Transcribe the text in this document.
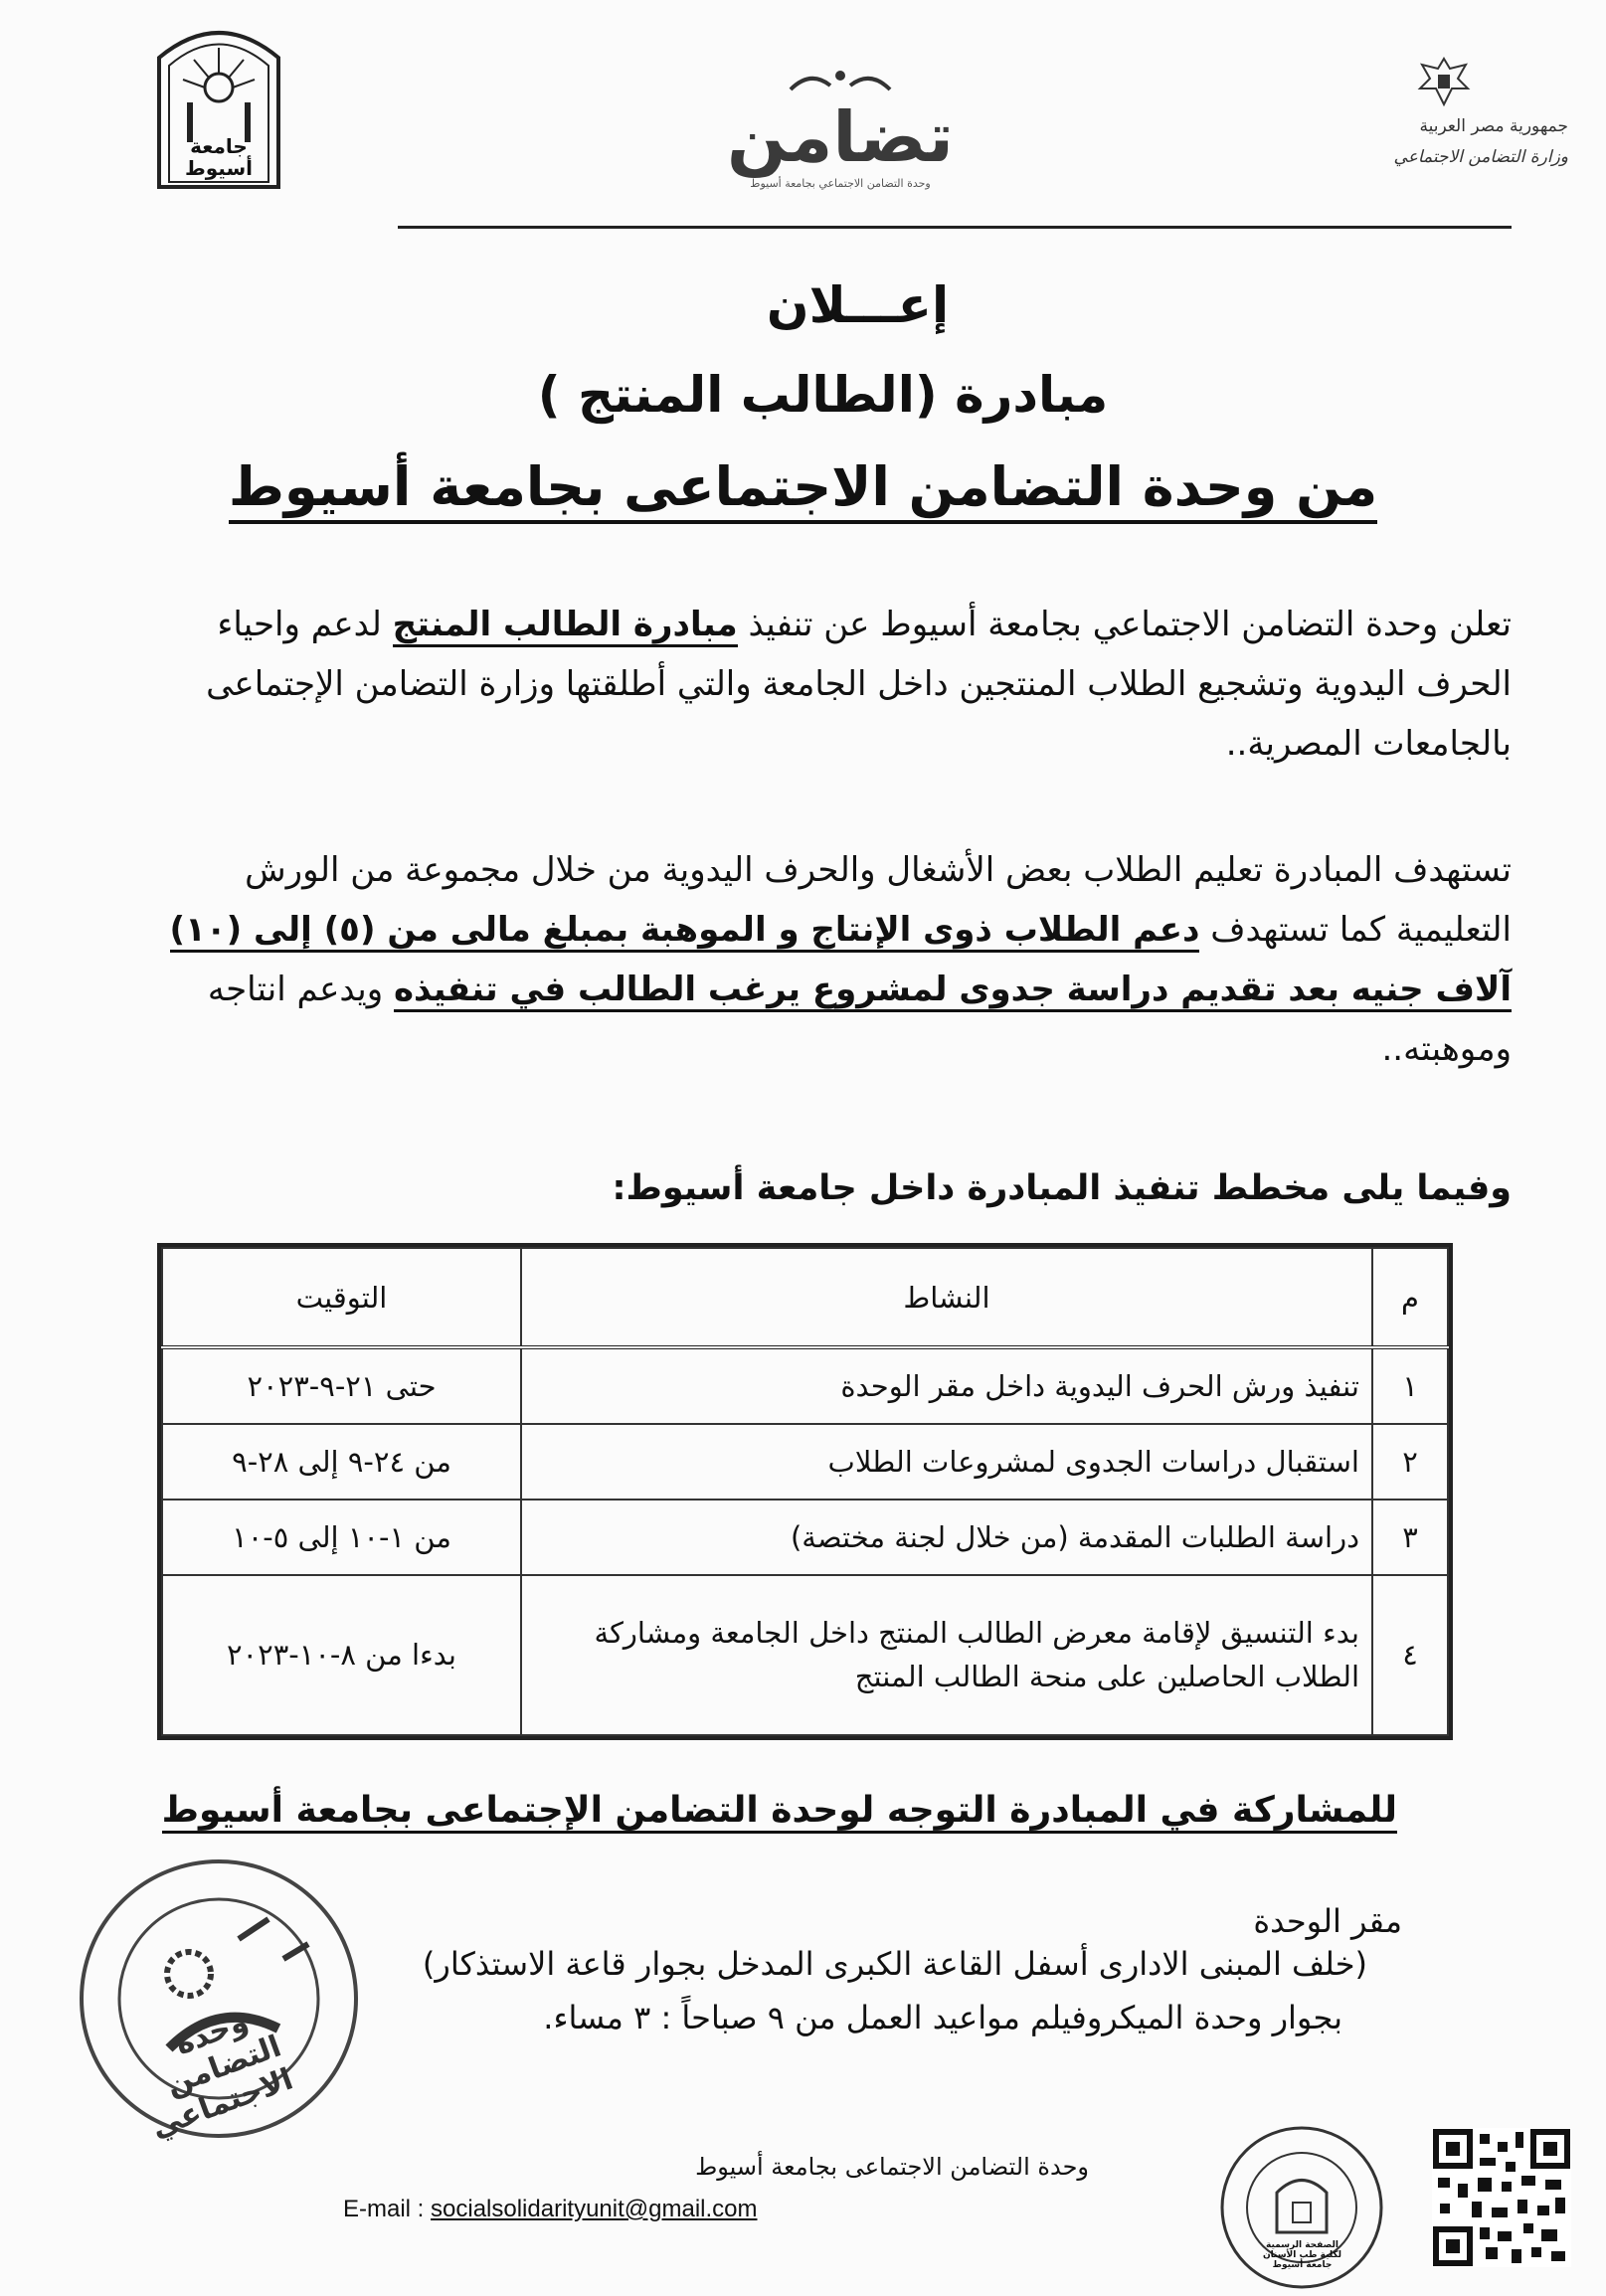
جامعة أسيوط	تضامن
وحدة التضامن الاجتماعي بجامعة أسيوط
جمهورية مصر العربية
وزارة التضامن الاجتماعي
إعـــلان
مبادرة (الطالب المنتج )
من وحدة التضامن الاجتماعى بجامعة أسيوط
تعلن وحدة التضامن الاجتماعي بجامعة أسيوط عن تنفيذ مبادرة الطالب المنتج لدعم واحياء الحرف اليدوية وتشجيع الطلاب المنتجين داخل الجامعة والتي أطلقتها وزارة التضامن الإجتماعى بالجامعات المصرية..
تستهدف المبادرة تعليم الطلاب بعض الأشغال والحرف اليدوية من خلال مجموعة من الورش التعليمية كما تستهدف دعم الطلاب ذوى الإنتاج و الموهبة بمبلغ مالى من (٥) إلى (١٠) آلاف جنيه بعد تقديم دراسة جدوى لمشروع يرغب الطالب في تنفيذه ويدعم انتاجه وموهبته..
وفيما يلى مخطط تنفيذ المبادرة داخل جامعة أسيوط:
م	النشاط	التوقيت
١	تنفيذ ورش الحرف اليدوية داخل مقر الوحدة	حتى ٢١-٩-٢٠٢٣
٢	استقبال دراسات الجدوى لمشروعات الطلاب	من ٢٤-٩ إلى ٢٨-٩
٣	دراسة الطلبات المقدمة (من خلال لجنة مختصة)	من ١-١٠ إلى ٥-١٠
٤	بدء التنسيق لإقامة معرض الطالب المنتج داخل الجامعة ومشاركة الطلاب الحاصلين على منحة الطالب المنتج	بدءا من ٨-١٠-٢٠٢٣
للمشاركة في المبادرة التوجه لوحدة التضامن الإجتماعى بجامعة أسيوط
مقر الوحدة
(خلف المبنى الادارى أسفل القاعة الكبرى المدخل بجوار قاعة الاستذكار)
بجوار وحدة الميكروفيلم مواعيد العمل من ٩ صباحاً : ٣ مساء.
وحدة التضامن الاجتماعي
وحدة التضامن الاجتماعى بجامعة أسيوط
E-mail : socialsolidarityunit@gmail.com
الصفحة الرسمية لكلية طب الأسنان جامعة أسيوط
